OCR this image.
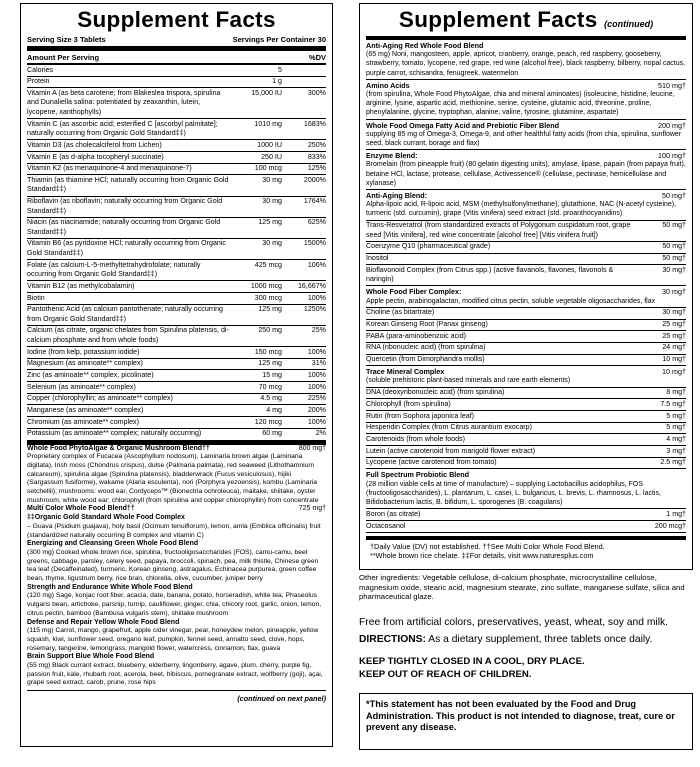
Supplement Facts
Serving Size 3 Tablets	Servings Per Container 30
Amount Per Serving	%DV
Calories	5
Protein	1 g
Vitamin A (as beta carotene; from Blakeslea trispora, spirulina and Dunaliella salina: potentiated by zeaxanthin, lutein, lycopene, xanthophylls)
15,000 IU	300%
Vitamin C (as ascorbic acid; esterified C [ascorbyl palmitate]; naturally occurring from Organic Gold Standard‡‡)
1010 mg	1683%
Vitamin D3 (as cholecalciferol from Lichen)	1000 IU	250%
Vitamin E (as d-alpha tocopheryl succinate)	250 IU	833%
Vitamin K2 (as menaquinone-4 and menaquinone-7)	100 mcg	125%
Thiamin (as thiamine HCl; naturally occurring from Organic Gold Standard‡‡)
30 mg	2000%
Riboflavin (as riboflavin; naturally occurring from Organic Gold Standard‡‡)
30 mg	1764%
Niacin (as niacinamide; naturally occurring from Organic Gold Standard‡‡)
125 mg	625%
Vitamin B6 (as pyridoxine HCl; naturally occurring from Organic Gold Standard‡‡)
30 mg	1500%
Folate (as calcium-L-5-methyltetrahydrofolate; naturally occurring from Organic Gold Standard‡‡)
425 mcg	106%
Vitamin B12 (as methylcobalamin)	1000 mcg	16,667%
Biotin	300 mcg	100%
Pantothenic Acid (as calcium pantothenate; naturally occurring from Organic Gold Standard‡‡)
125 mg	1250%
Calcium (as citrate, organic chelates from Spirulina platensis, di-calcium phosphate and from whole foods)
250 mg	25%
Iodine (from kelp, potassium iodide)	150 mcg	100%
Magnesium (as aminoate** complex)	125 mg	31%
Zinc (as aminoate** complex, picolinate)	15 mg	100%
Selenium (as aminoate** complex)	70 mcg	100%
Copper (chlorophyllin; as aminoate** complex)	4.5 mg	225%
Manganese (as aminoate** complex)	4 mg	200%
Chromium (as aminoate** complex)	120 mcg	100%
Potassium (as aminoate** complex; naturally occurring)	60 mg	2%
Whole Food PhytoAlgae & Organic Mushroom Blend††	800 mg†
Proprietary complex of Fucacea (Ascophyllum nodosum), Laminaria brown algae (Laminaria digitata), Irish moss (Chondrus crispus), dulse (Palmaria palmata), red seaweed (Lithothamnium calcareum), spirulina algae (Spirulina platensis), bladderwrack (Fucus vesiculosus), hijiki (Sargassum fusiforme), wakame (Alaria esculenta), nori (Porphyra yezoensis), kombu (Laminaria setchellii); mushrooms: wood ear, Cordyceps™ (Bionectria ochroleuca), maitake, shiitake, oyster mushroom, white wood ear; chlorophyll (from spirulina and copper chlorophyllin) from concentrate
Multi Color Whole Food Blend††	725 mg†
‡‡Organic Gold Standard Whole Food Complex
– Guava (Psidium guajava), holy basil (Ocimum tenuiflorum), lemon, amla (Emblica officinalis) fruit (standardized naturally occurring B complex and vitamin C)
Energizing and Cleansing Green Whole Food Blend
(300 mg) Cooked whole brown rice, spirulina, fructooligosaccharides (FOS), camu-camu, beet greens, cabbage, parsley, celery seed, papaya, broccoli, spinach, pea, milk thistle, Chinese green tea leaf (Decaffeinated), turmeric, Korean ginseng, astragalus, Echinacea purpurea, green coffee bean, thyme, ligustrum berry, rice bran, chlorella, olive, cucumber, juniper berry
Strength and Endurance White Whole Food Blend
(120 mg) Sage, konjac root fiber, acacia, date, banana, potato, horseradish, white tea, Phaseolus vulgaris bean, artichoke, parsnip, turnip, cauliflower, ginger, chia, chicory root, garlic, onion, lemon, citrus pectin, bamboo (Bambusa vulgaris stem), shiitake mushroom
Defense and Repair Yellow Whole Food Blend
(115 mg) Carrot, mango, grapefruit, apple cider vinegar, pear, honeydew melon, pineapple, yellow squash, kiwi, sunflower seed, oregano leaf, pumpkin, fennel seed, annatto seed, clove, hops, rosemary, tangerine, lemongrass, marigold flower, watercress, cinnamon, flax, guava
Brain Support Blue Whole Food Blend
(55 mg) Black currant extract, blueberry, elderberry, lingonberry, agave, plum, cherry, purple fig, passion fruit, kale, rhubarb root, acerola, beet, hibiscus, pomegranate extract, wolfberry (goji), açai, grape seed extract, carob, prune, rose hips
(continued on next panel)
Supplement Facts (continued)
Anti-Aging Red Whole Food Blend
(65 mg) Noni, mangosteen, apple, apricot, cranberry, orange, peach, red raspberry, gooseberry, strawberry, tomato, lycopene, red grape, red wine (alcohol free), black raspberry, bilberry, nopal cactus, purple carrot, schisandra, fenugreek, watermelon
Amino Acids	510 mg†
(from spirulina, Whole Food PhytoAlgae, chia and mineral aminoates) (isoleucine, histidine, leucine, arginine, lysine, aspartic acid, methionine, serine, cysteine, glutamic acid, threonine, proline, phenylalanine, glycine, tryptophan, alanine, valine, tyrosine, glutamine, aspartate)
Whole Food Omega Fatty Acid and Prebiotic Fiber Blend	200 mg†
supplying 85 mg of Omega-3, Omega-9, and other healthful fatty acids (from chia, spirulina, sunflower seed, black currant, borage and flax)
Enzyme Blend:	100 mg†
Bromelain (from pineapple fruit) (80 gelatin digesting units), amylase, lipase, papain (from papaya fruit), betaine HCl, lactase, protease, cellulase, Activessence® (cellulase, pectinase, hemicellulase and xylanase)
Anti-Aging Blend:	50 mg†
Alpha-lipoic acid, R-lipoic acid, MSM (methylsulfonylmethane), glutathione, NAC (N-acetyl cysteine), turmeric (std. curcumin), grape (Vitis vinifera) seed extract (std. proanthocyanidins)
Trans-Resveratrol (from standardized extracts of Polygonum cuspidatum root, grape seed [Vitis vinifera], red wine concentrate [alcohol free] [Vitis vinifera fruit])
50 mg†
Coenzyme Q10 (pharmaceutical grade)	50 mg†
Inositol	50 mg†
Bioflavonoid Complex (from Citrus spp.) (active flavanols, flavones, flavonols & naringin)
30 mg†
Whole Food Fiber Complex:	30 mg†
Apple pectin, arabinogalactan, modified citrus pectin, soluble vegetable oligosaccharides, flax
Choline (as bitartrate)	30 mg†
Korean Ginseng Root (Panax ginseng)	25 mg†
PABA (para-aminobenzoic acid)	25 mg†
RNA (ribonucleic acid) (from spirulina)	24 mg†
Quercetin (from Dimorphandra mollis)	10 mg†
Trace Mineral Complex	10 mg†
(soluble prehistoric plant-based minerals and rare earth elements)
DNA (deoxyribonucleic acid) (from spirulina)	8 mg†
Chlorophyll (from spirulina)	7.5 mg†
Rutin (from Sophora japonica leaf)	5 mg†
Hesperidin Complex (from Citrus aurantium exocarp)	5 mg†
Carotenoids (from whole foods)	4 mg†
Lutein (active carotenoid from marigold flower extract)	3 mg†
Lycopene (active carotenoid from tomato)	2.5 mg†
Full Spectrum Probiotic Blend
(28 million viable cells at time of manufacture) – supplying Lactobacillus acidophilus, FOS (fructooligosaccharides), L. plantarum, L. casei, L. bulgaricus, L. brevis, L. rhamnosus, L. lactis, Bifidobacterium lactis, B. bifidum, L. sporogenes (B. coagulans)
Boron (as citrate)	1 mg†
Octacosanol	200 mcg†
†Daily Value (DV) not established. ††See Multi Color Whole Food Blend.
**Whole brown rice chelate. ‡‡For details, visit www.naturesplus.com
Other ingredients: Vegetable cellulose, di-calcium phosphate, microcrystalline cellulose, magnesium oxide, stearic acid, magnesium stearate, zinc sulfate, manganese sulfate, silica and pharmaceutical glaze.
Free from artificial colors, preservatives, yeast, wheat, soy and milk.
DIRECTIONS: As a dietary supplement, three tablets once daily.
KEEP TIGHTLY CLOSED IN A COOL, DRY PLACE.
KEEP OUT OF REACH OF CHILDREN.
*This statement has not been evaluated by the Food and Drug Administration. This product is not intended to diagnose, treat, cure or prevent any disease.
